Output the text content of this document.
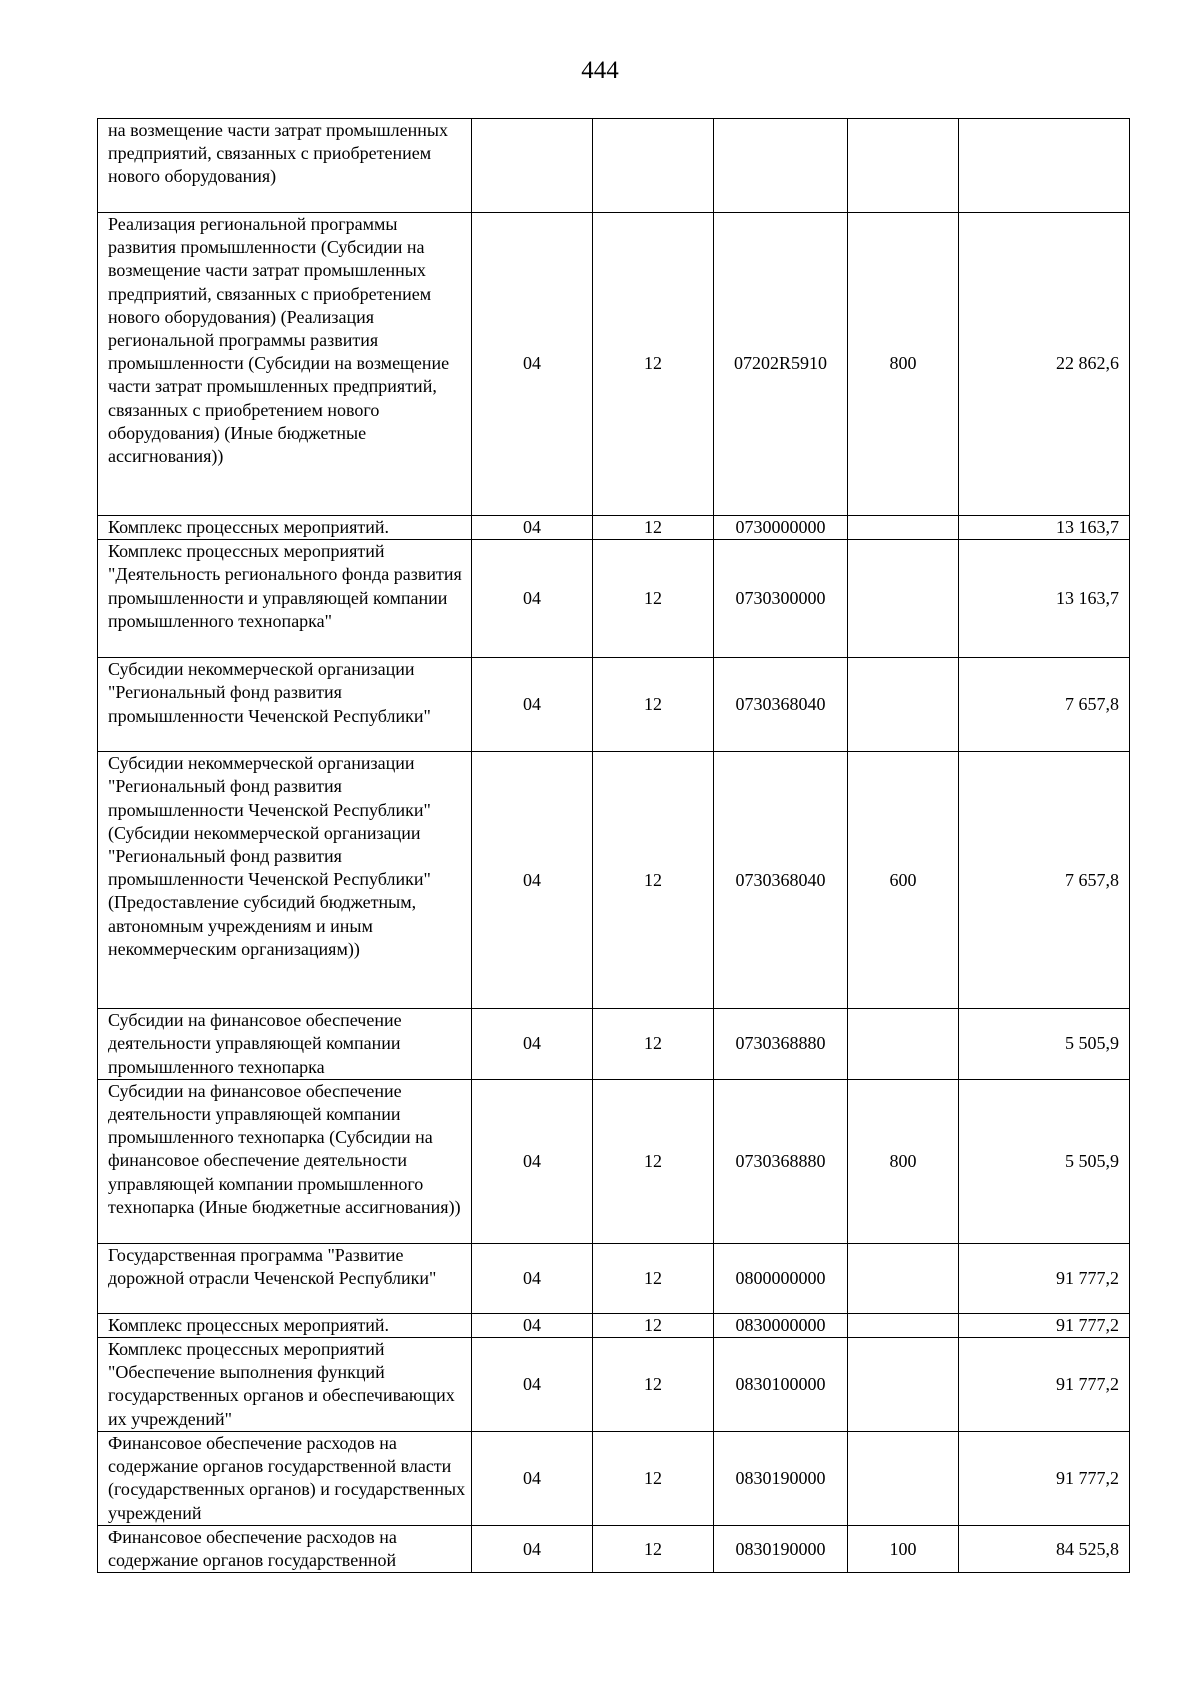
444
на возмещение части затрат промышленных предприятий, связанных с приобретением нового оборудования)					
Реализация региональной программы развития промышленности (Субсидии на возмещение части затрат промышленных предприятий, связанных с приобретением нового оборудования) (Реализация региональной программы развития промышленности (Субсидии на возмещение части затрат промышленных предприятий, связанных с приобретением нового оборудования) (Иные бюджетные ассигнования))	04	12	07202R5910	800	22 862,6
Комплекс процессных мероприятий.	04	12	0730000000		13 163,7
Комплекс процессных мероприятий "Деятельность регионального фонда развития промышленности и управляющей компании промышленного технопарка"	04	12	0730300000		13 163,7
Субсидии некоммерческой организации "Региональный фонд развития промышленности Чеченской Республики"	04	12	0730368040		7 657,8
Субсидии некоммерческой организации "Региональный фонд развития промышленности Чеченской Республики" (Субсидии некоммерческой организации "Региональный фонд развития промышленности Чеченской Республики" (Предоставление субсидий бюджетным, автономным учреждениям и иным некоммерческим организациям))	04	12	0730368040	600	7 657,8
Субсидии на финансовое обеспечение деятельности управляющей компании промышленного технопарка	04	12	0730368880		5 505,9
Субсидии на финансовое обеспечение деятельности управляющей компании промышленного технопарка (Субсидии на финансовое обеспечение деятельности управляющей компании промышленного технопарка (Иные бюджетные ассигнования))	04	12	0730368880	800	5 505,9
Государственная программа "Развитие дорожной отрасли Чеченской Республики"	04	12	0800000000		91 777,2
Комплекс процессных мероприятий.	04	12	0830000000		91 777,2
Комплекс процессных мероприятий "Обеспечение выполнения функций государственных органов и обеспечивающих их учреждений"	04	12	0830100000		91 777,2
Финансовое обеспечение расходов на содержание органов государственной власти (государственных органов) и государственных учреждений	04	12	0830190000		91 777,2
Финансовое обеспечение расходов на содержание органов государственной	04	12	0830190000	100	84 525,8
